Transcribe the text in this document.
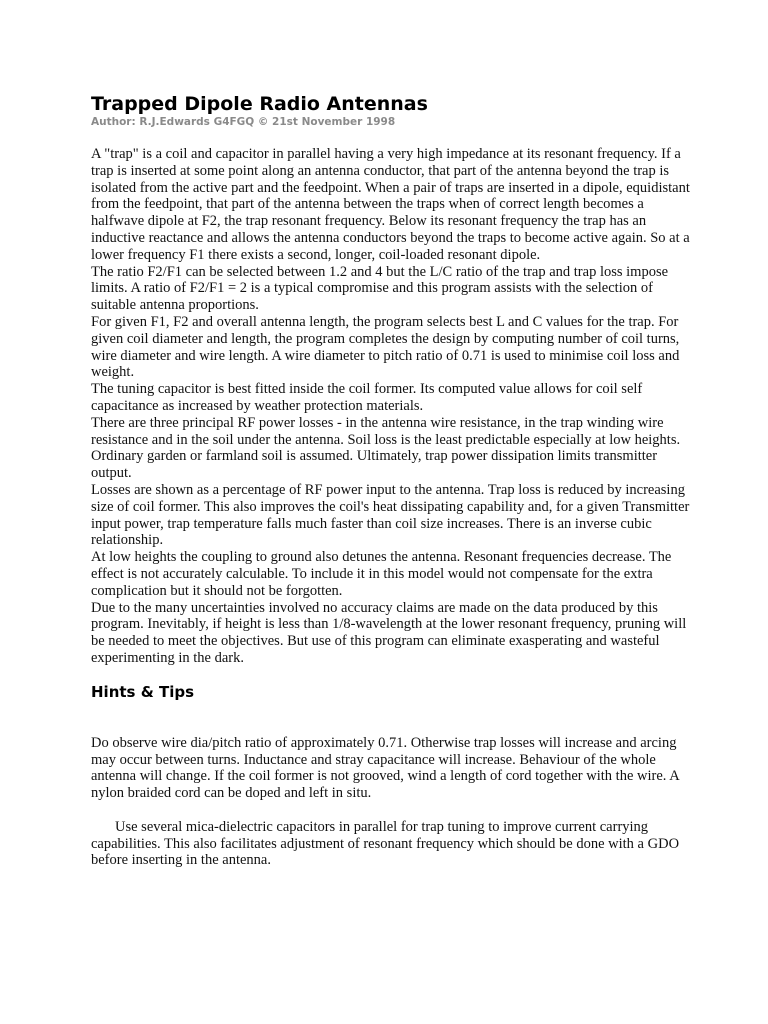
Trapped Dipole Radio Antennas
Author: R.J.Edwards G4FGQ © 21st November 1998

A "trap" is a coil and capacitor in parallel having a very high impedance at its resonant frequency. If a trap is inserted at some point along an antenna conductor, that part of the antenna beyond the trap is isolated from the active part and the feedpoint. When a pair of traps are inserted in a dipole, equidistant from the feedpoint, that part of the antenna between the traps when of correct length becomes a halfwave dipole at F2, the trap resonant frequency. Below its resonant frequency the trap has an inductive reactance and allows the antenna conductors beyond the traps to become active again. So at a lower frequency F1 there exists a second, longer, coil-loaded resonant dipole.

The ratio F2/F1 can be selected between 1.2 and 4 but the L/C ratio of the trap and trap loss impose limits. A ratio of F2/F1 = 2 is a typical compromise and this program assists with the selection of suitable antenna proportions.

For given F1, F2 and overall antenna length, the program selects best L and C values for the trap. For given coil diameter and length, the program completes the design by computing number of coil turns, wire diameter and wire length. A wire diameter to pitch ratio of 0.71 is used to minimise coil loss and weight.

The tuning capacitor is best fitted inside the coil former. Its computed value allows for coil self capacitance as increased by weather protection materials.

There are three principal RF power losses - in the antenna wire resistance, in the trap winding wire resistance and in the soil under the antenna. Soil loss is the least predictable especially at low heights. Ordinary garden or farmland soil is assumed. Ultimately, trap power dissipation limits transmitter output.

Losses are shown as a percentage of RF power input to the antenna. Trap loss is reduced by increasing size of coil former. This also improves the coil's heat dissipating capability and, for a given Transmitter input power, trap temperature falls much faster than coil size increases. There is an inverse cubic relationship.

At low heights the coupling to ground also detunes the antenna. Resonant frequencies decrease. The effect is not accurately calculable. To include it in this model would not compensate for the extra complication but it should not be forgotten.

Due to the many uncertainties involved no accuracy claims are made on the data produced by this program. Inevitably, if height is less than 1/8-wavelength at the lower resonant frequency, pruning will be needed to meet the objectives. But use of this program can eliminate exasperating and wasteful experimenting in the dark.

Hints & Tips

Do observe wire dia/pitch ratio of approximately 0.71. Otherwise trap losses will increase and arcing may occur between turns. Inductance and stray capacitance will increase. Behaviour of the whole antenna will change. If the coil former is not grooved, wind a length of cord together with the wire. A nylon braided cord can be doped and left in situ.

Use several mica-dielectric capacitors in parallel for trap tuning to improve current carrying capabilities. This also facilitates adjustment of resonant frequency which should be done with a GDO before inserting in the antenna.
